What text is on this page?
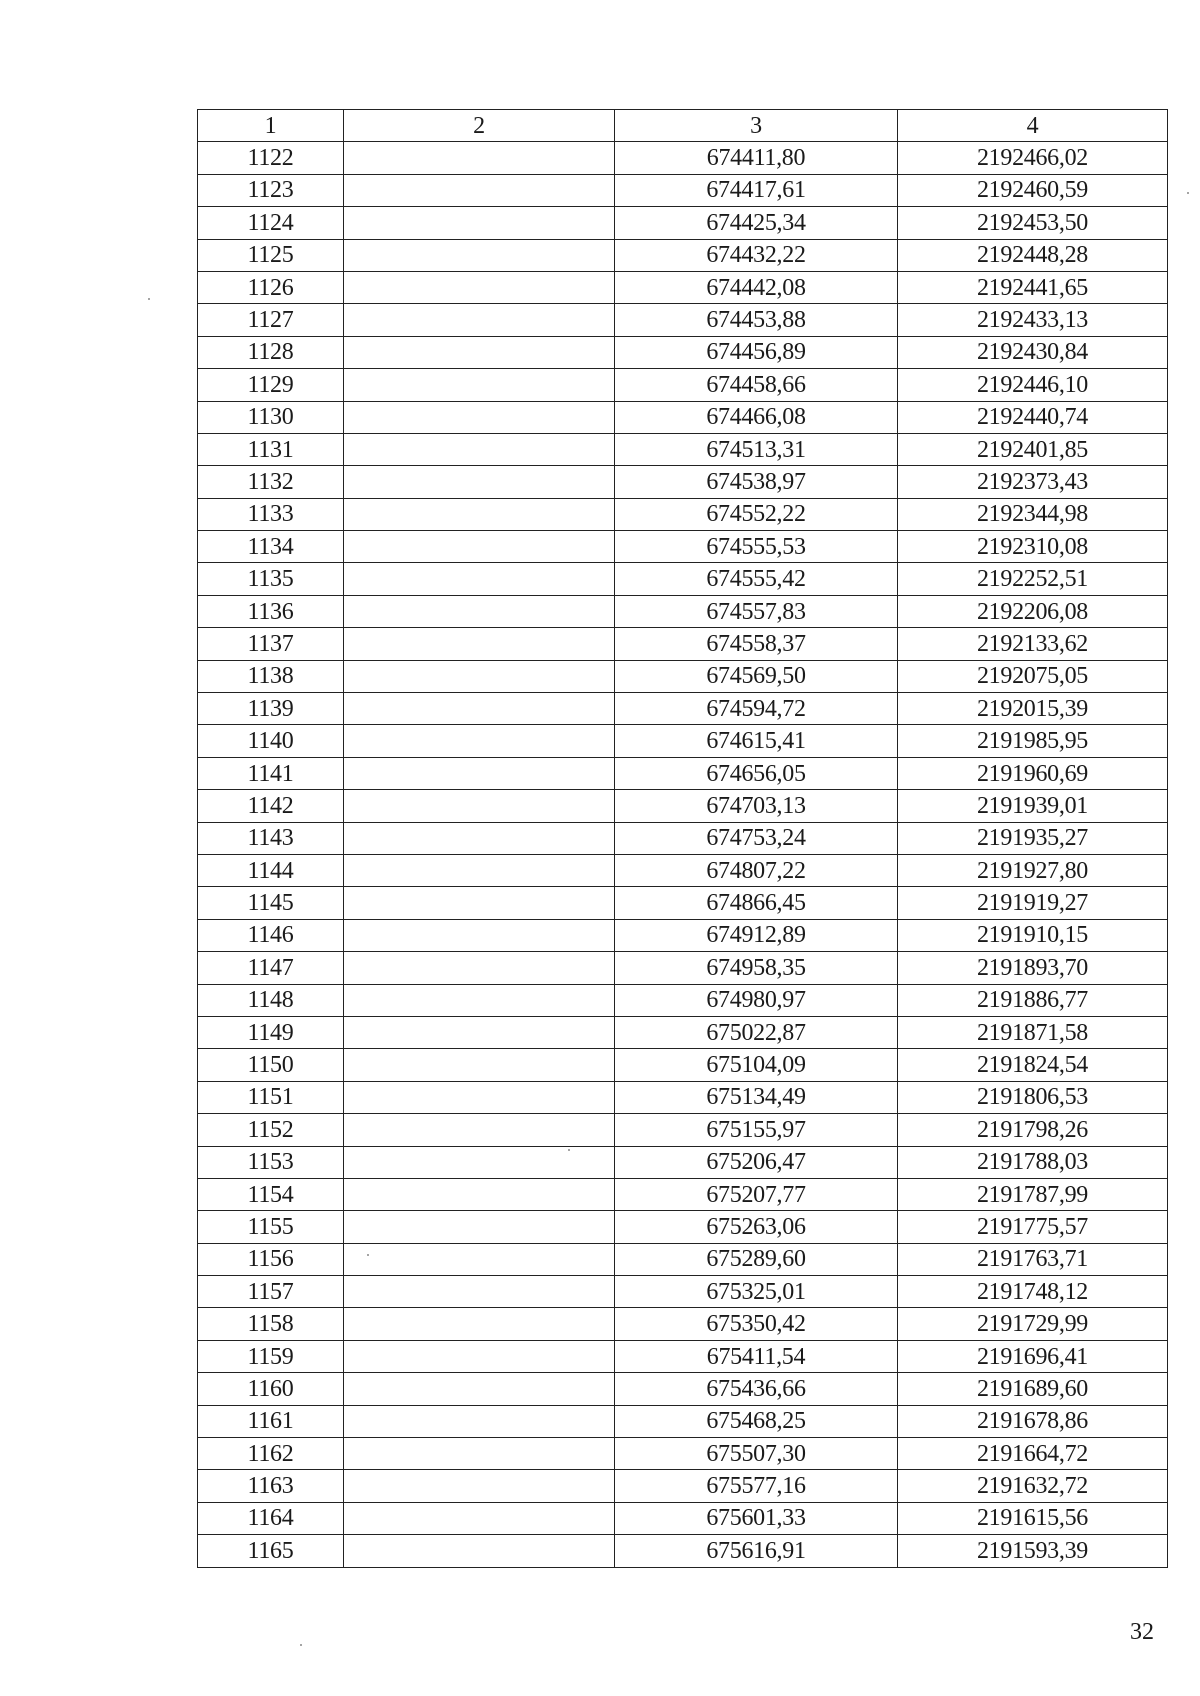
1	2	3	4
1122		674411,80	2192466,02
1123		674417,61	2192460,59
1124		674425,34	2192453,50
1125		674432,22	2192448,28
1126		674442,08	2192441,65
1127		674453,88	2192433,13
1128		674456,89	2192430,84
1129		674458,66	2192446,10
1130		674466,08	2192440,74
1131		674513,31	2192401,85
1132		674538,97	2192373,43
1133		674552,22	2192344,98
1134		674555,53	2192310,08
1135		674555,42	2192252,51
1136		674557,83	2192206,08
1137		674558,37	2192133,62
1138		674569,50	2192075,05
1139		674594,72	2192015,39
1140		674615,41	2191985,95
1141		674656,05	2191960,69
1142		674703,13	2191939,01
1143		674753,24	2191935,27
1144		674807,22	2191927,80
1145		674866,45	2191919,27
1146		674912,89	2191910,15
1147		674958,35	2191893,70
1148		674980,97	2191886,77
1149		675022,87	2191871,58
1150		675104,09	2191824,54
1151		675134,49	2191806,53
1152		675155,97	2191798,26
1153		675206,47	2191788,03
1154		675207,77	2191787,99
1155		675263,06	2191775,57
1156		675289,60	2191763,71
1157		675325,01	2191748,12
1158		675350,42	2191729,99
1159		675411,54	2191696,41
1160		675436,66	2191689,60
1161		675468,25	2191678,86
1162		675507,30	2191664,72
1163		675577,16	2191632,72
1164		675601,33	2191615,56
1165		675616,91	2191593,39
32
